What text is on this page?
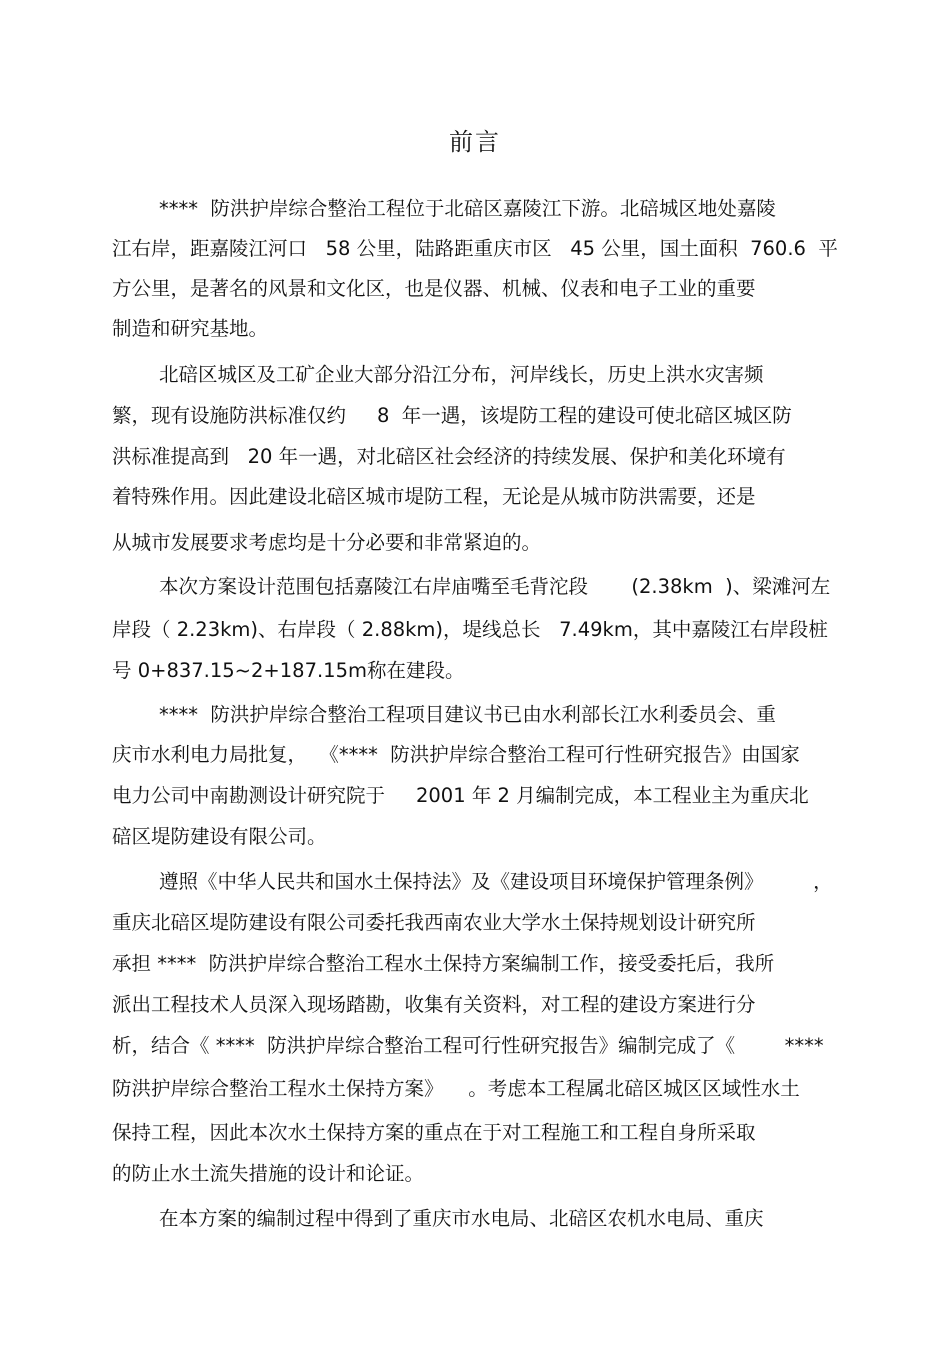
前言
****  防洪护岸综合整治工程位于北碚区嘉陵江下游。北碚城区地处嘉陵
江右岸，距嘉陵江河口   58 公里，陆路距重庆市区   45 公里，国土面积  760.6  平
方公里，是著名的风景和文化区，也是仪器、机械、仪表和电子工业的重要
制造和研究基地。
北碚区城区及工矿企业大部分沿江分布，河岸线长，历史上洪水灾害频
繁，现有设施防洪标准仅约     8  年一遇，该堤防工程的建设可使北碚区城区防
洪标准提高到   20 年一遇，对北碚区社会经济的持续发展、保护和美化环境有
着特殊作用。因此建设北碚区城市堤防工程，无论是从城市防洪需要，还是
从城市发展要求考虑均是十分必要和非常紧迫的。
本次方案设计范围包括嘉陵江右岸庙嘴至毛背沱段       (2.38km  )、梁滩河左
岸段（ 2.23km)、右岸段（ 2.88km)，堤线总长   7.49km，其中嘉陵江右岸段桩
号 0+837.15~2+187.15m称在建段。
****  防洪护岸综合整治工程项目建议书已由水利部长江水利委员会、重
庆市水利电力局批复，  《****  防洪护岸综合整治工程可行性研究报告》由国家
电力公司中南勘测设计研究院于     2001 年 2 月编制完成，本工程业主为重庆北
碚区堤防建设有限公司。
遵照《中华人民共和国水土保持法》及《建设项目环境保护管理条例》        ，
重庆北碚区堤防建设有限公司委托我西南农业大学水土保持规划设计研究所
承担 ****  防洪护岸综合整治工程水土保持方案编制工作，接受委托后，我所
派出工程技术人员深入现场踏勘，收集有关资料，对工程的建设方案进行分
析，结合《 ****  防洪护岸综合整治工程可行性研究报告》编制完成了《        ****
防洪护岸综合整治工程水土保持方案》    。考虑本工程属北碚区城区区域性水土
保持工程，因此本次水土保持方案的重点在于对工程施工和工程自身所采取
的防止水土流失措施的设计和论证。
在本方案的编制过程中得到了重庆市水电局、北碚区农机水电局、重庆
